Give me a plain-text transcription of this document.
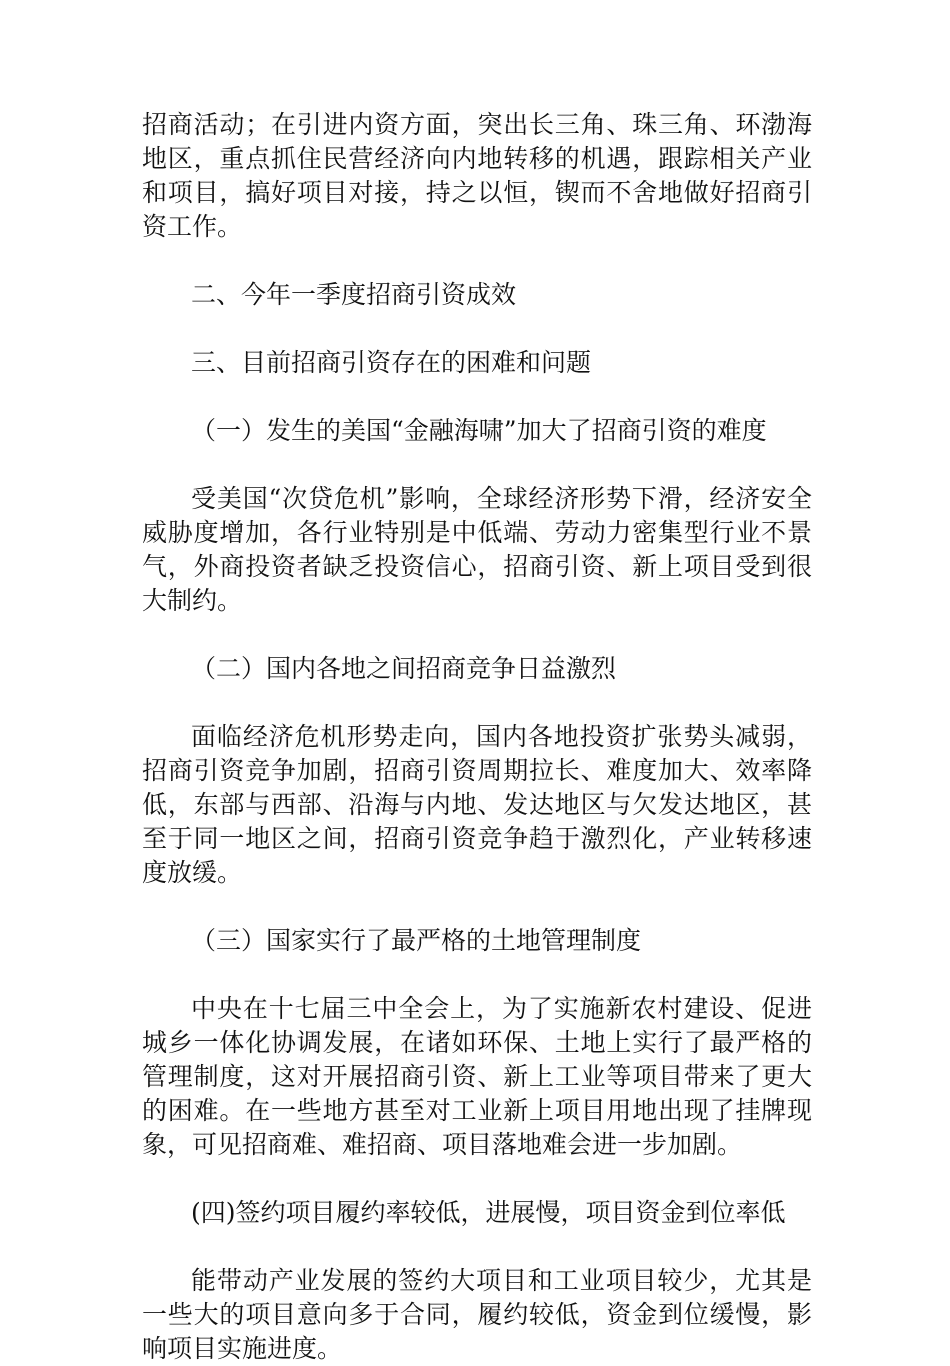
招商活动；在引进内资方面，突出长三角、珠三角、环渤海地区，重点抓住民营经济向内地转移的机遇，跟踪相关产业和项目，搞好项目对接，持之以恒，锲而不舍地做好招商引资工作。

二、今年一季度招商引资成效

三、目前招商引资存在的困难和问题

（一）发生的美国“金融海啸”加大了招商引资的难度

受美国“次贷危机”影响，全球经济形势下滑，经济安全威胁度增加，各行业特别是中低端、劳动力密集型行业不景气，外商投资者缺乏投资信心，招商引资、新上项目受到很大制约。

（二）国内各地之间招商竞争日益激烈

面临经济危机形势走向，国内各地投资扩张势头减弱，招商引资竞争加剧，招商引资周期拉长、难度加大、效率降低，东部与西部、沿海与内地、发达地区与欠发达地区，甚至于同一地区之间，招商引资竞争趋于激烈化，产业转移速度放缓。

（三）国家实行了最严格的土地管理制度

中央在十七届三中全会上，为了实施新农村建设、促进城乡一体化协调发展，在诸如环保、土地上实行了最严格的管理制度，这对开展招商引资、新上工业等项目带来了更大的困难。在一些地方甚至对工业新上项目用地出现了挂牌现象，可见招商难、难招商、项目落地难会进一步加剧。

(四)签约项目履约率较低，进展慢，项目资金到位率低

能带动产业发展的签约大项目和工业项目较少，尤其是一些大的项目意向多于合同，履约较低，资金到位缓慢，影响项目实施进度。
